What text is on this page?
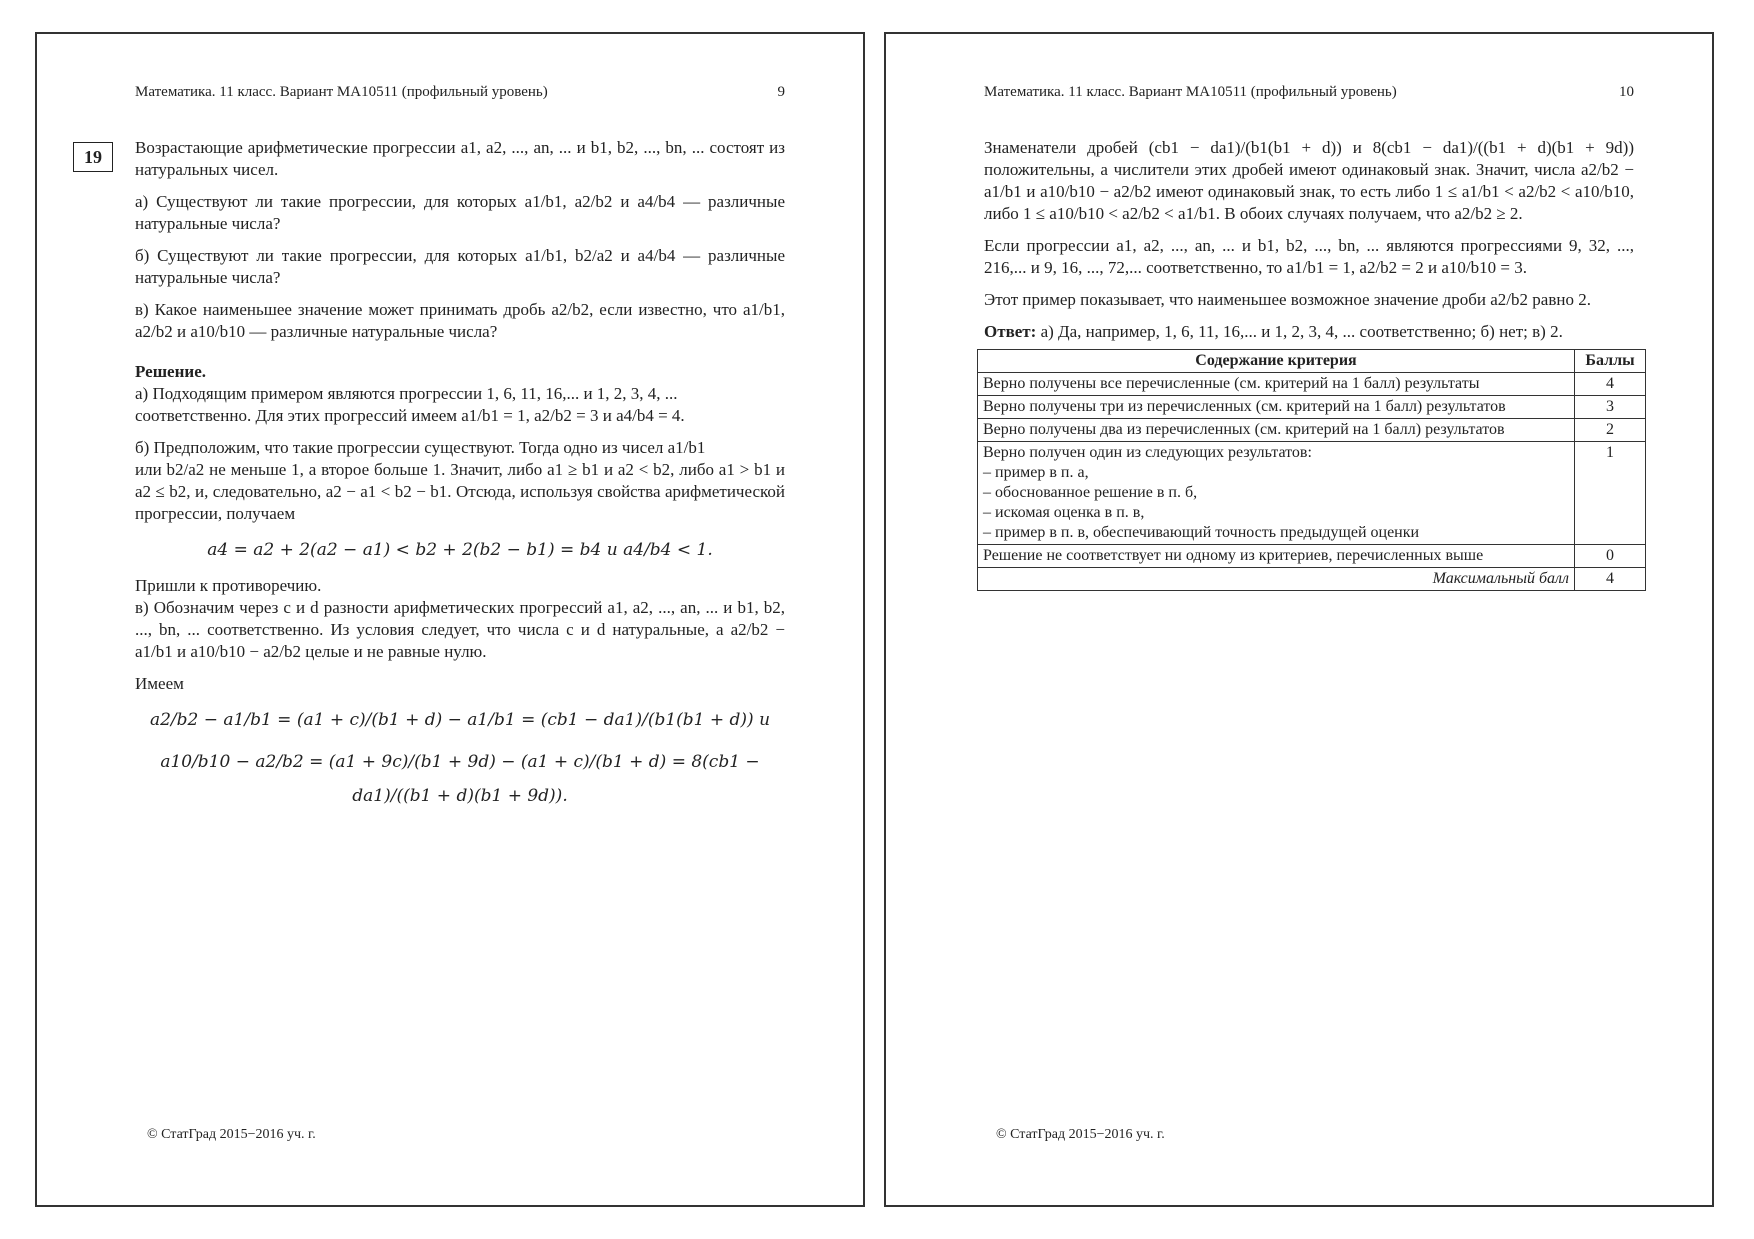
19
Математика. 11 класс. Вариант МА10511 (профильный уровень)	9

Возрастающие арифметические прогрессии a1, a2, ..., an, ... и b1, b2, ..., bn, ... состоят из натуральных чисел.

а) Существуют ли такие прогрессии, для которых a1/b1, a2/b2 и a4/b4 — различные натуральные числа?

б) Существуют ли такие прогрессии, для которых a1/b1, b2/a2 и a4/b4 — различные натуральные числа?

в) Какое наименьшее значение может принимать дробь a2/b2, если известно, что a1/b1, a2/b2 и a10/b10 — различные натуральные числа?

Решение.

а) Подходящим примером являются прогрессии 1, 6, 11, 16,... и 1, 2, 3, 4, ...

соответственно. Для этих прогрессий имеем a1/b1 = 1, a2/b2 = 3 и a4/b4 = 4.

б) Предположим, что такие прогрессии существуют. Тогда одно из чисел a1/b1

или b2/a2 не меньше 1, а второе больше 1. Значит, либо a1 ≥ b1 и a2 < b2, либо a1 > b1 и a2 ≤ b2, и, следовательно, a2 − a1 < b2 − b1. Отсюда, используя свойства арифметической прогрессии, получаем

a4 = a2 + 2(a2 − a1) < b2 + 2(b2 − b1) = b4 и a4/b4 < 1.

Пришли к противоречию.

в) Обозначим через c и d разности арифметических прогрессий a1, a2, ..., an, ... и b1, b2, ..., bn, ... соответственно. Из условия следует, что числа c и d натуральные, а a2/b2 − a1/b1 и a10/b10 − a2/b2 целые и не равные нулю.

Имеем

a2/b2 − a1/b1 = (a1 + c)/(b1 + d) − a1/b1 = (cb1 − da1)/(b1(b1 + d)) и
a10/b10 − a2/b2 = (a1 + 9c)/(b1 + 9d) − (a1 + c)/(b1 + d) = 8(cb1 − da1)/((b1 + d)(b1 + 9d)).
© СтатГрад 2015−2016 уч. г.
Математика. 11 класс. Вариант МА10511 (профильный уровень)	10

Знаменатели дробей (cb1 − da1)/(b1(b1 + d)) и 8(cb1 − da1)/((b1 + d)(b1 + 9d)) положительны, а числители этих дробей имеют одинаковый знак. Значит, числа a2/b2 − a1/b1 и a10/b10 − a2/b2 имеют одинаковый знак, то есть либо 1 ≤ a1/b1 < a2/b2 < a10/b10, либо 1 ≤ a10/b10 < a2/b2 < a1/b1. В обоих случаях получаем, что a2/b2 ≥ 2.

Если прогрессии a1, a2, ..., an, ... и b1, b2, ..., bn, ... являются прогрессиями 9, 32, ..., 216,... и 9, 16, ..., 72,... соответственно, то a1/b1 = 1, a2/b2 = 2 и a10/b10 = 3.

Этот пример показывает, что наименьшее возможное значение дроби a2/b2 равно 2.

Ответ: а) Да, например, 1, 6, 11, 16,... и 1, 2, 3, 4, ... соответственно; б) нет; в) 2.

Содержание критерия	Баллы
Верно получены все перечисленные (см. критерий на 1 балл) результаты	4
Верно получены три из перечисленных (см. критерий на 1 балл) результатов	3
Верно получены два из перечисленных (см. критерий на 1 балл) результатов	2

Верно получен один из следующих результатов:
– пример в п. а,
– обоснованное решение в п. б,
– искомая оценка в п. в,
– пример в п. в, обеспечивающий точность предыдущей оценки	1
Решение не соответствует ни одному из критериев, перечисленных выше	0
Максимальный балл	4
© СтатГрад 2015−2016 уч. г.
